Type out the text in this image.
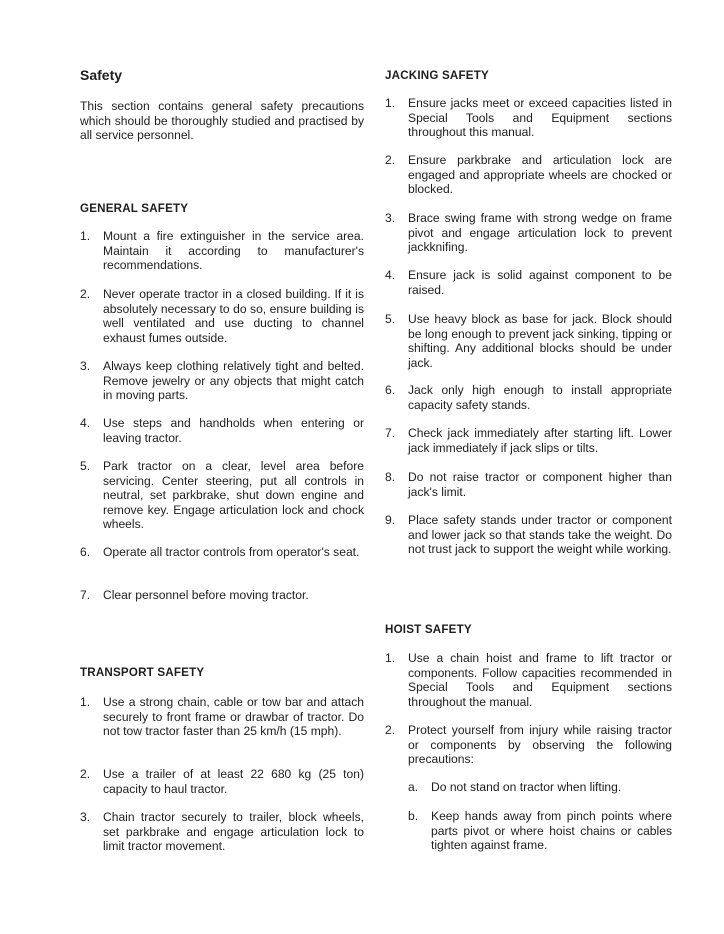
Safety

This section contains general safety precautions which should be thoroughly studied and practised by all service personnel.

GENERAL SAFETY
1. Mount a fire extinguisher in the service area. Maintain it according to manufacturer's recommendations.
2. Never operate tractor in a closed building. If it is absolutely necessary to do so, ensure building is well ventilated and use ducting to channel exhaust fumes outside.
3. Always keep clothing relatively tight and belted. Remove jewelry or any objects that might catch in moving parts.
4. Use steps and handholds when entering or leaving tractor.
5. Park tractor on a clear, level area before servicing. Center steering, put all controls in neutral, set parkbrake, shut down engine and remove key. Engage articulation lock and chock wheels.
6. Operate all tractor controls from operator's seat.
7. Clear personnel before moving tractor.
TRANSPORT SAFETY
1. Use a strong chain, cable or tow bar and attach securely to front frame or drawbar of tractor. Do not tow tractor faster than 25 km/h (15 mph).
2. Use a trailer of at least 22 680 kg (25 ton) capacity to haul tractor.
3. Chain tractor securely to trailer, block wheels, set parkbrake and engage articulation lock to limit tractor movement.
JACKING SAFETY
1. Ensure jacks meet or exceed capacities listed in Special Tools and Equipment sections throughout this manual.
2. Ensure parkbrake and articulation lock are engaged and appropriate wheels are chocked or blocked.
3. Brace swing frame with strong wedge on frame pivot and engage articulation lock to prevent jackknifing.
4. Ensure jack is solid against component to be raised.
5. Use heavy block as base for jack. Block should be long enough to prevent jack sinking, tipping or shifting. Any additional blocks should be under jack.
6. Jack only high enough to install appropriate capacity safety stands.
7. Check jack immediately after starting lift. Lower jack immediately if jack slips or tilts.
8. Do not raise tractor or component higher than jack's limit.
9. Place safety stands under tractor or component and lower jack so that stands take the weight. Do not trust jack to support the weight while working.
HOIST SAFETY
1. Use a chain hoist and frame to lift tractor or components. Follow capacities recommended in Special Tools and Equipment sections throughout the manual.
2. Protect yourself from injury while raising tractor or components by observing the following precautions:
a. Do not stand on tractor when lifting.
b. Keep hands away from pinch points where parts pivot or where hoist chains or cables tighten against frame.
